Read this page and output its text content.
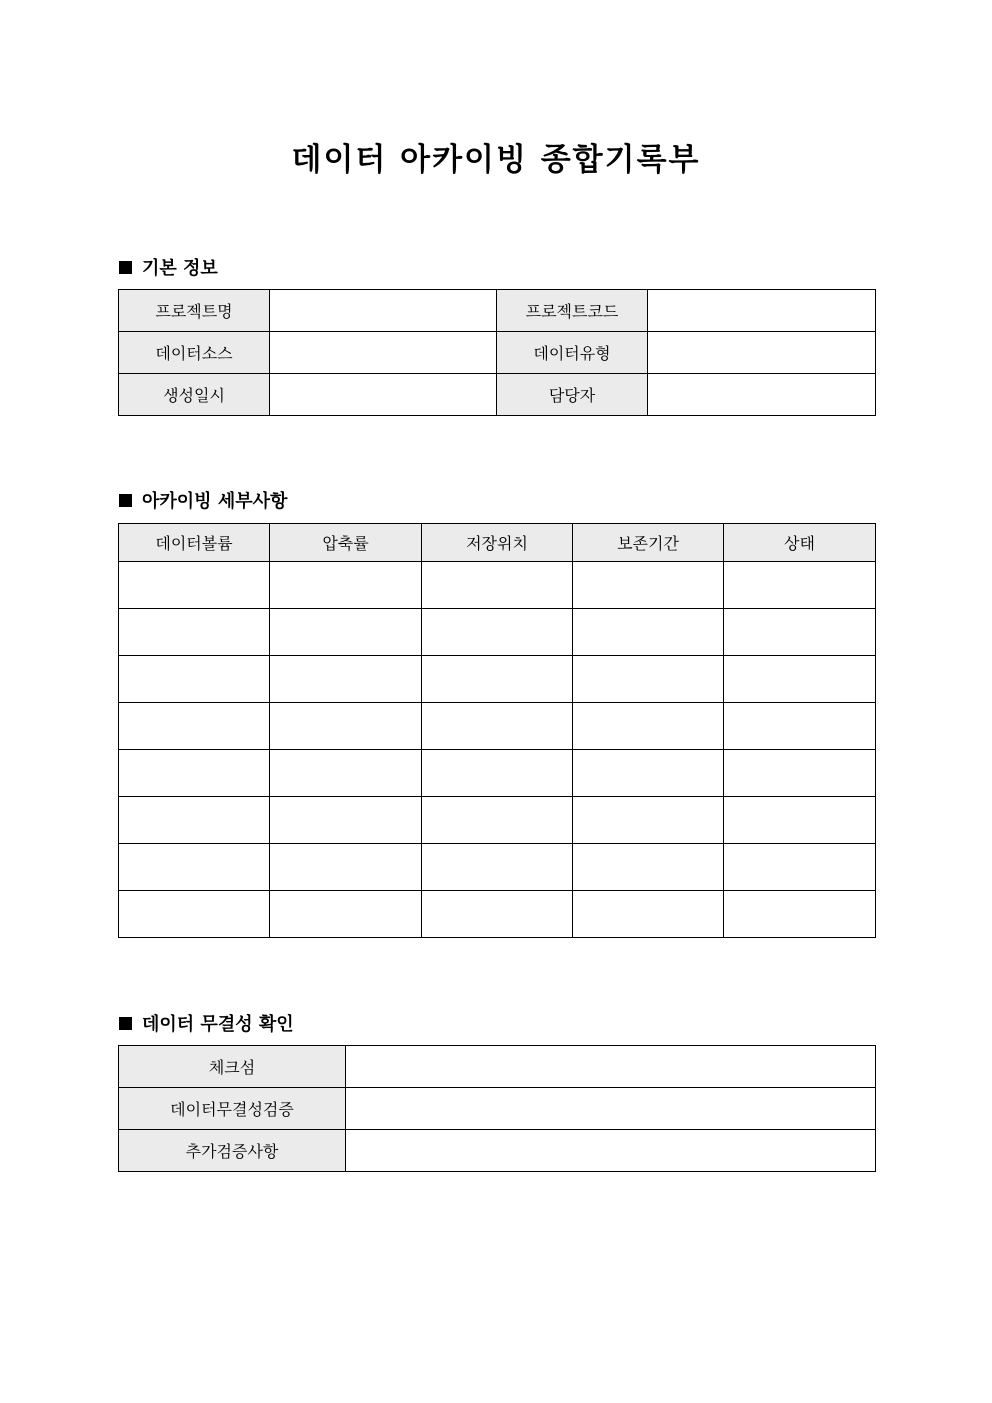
데이터 아카이빙 종합기록부
기본 정보
프로젝트명		프로젝트코드	
데이터소스		데이터유형	
생성일시		담당자	
아카이빙 세부사항
데이터볼륨	압축률	저장위치	보존기간	상태

데이터 무결성 확인
체크섬	
데이터무결성검증	
추가검증사항	
